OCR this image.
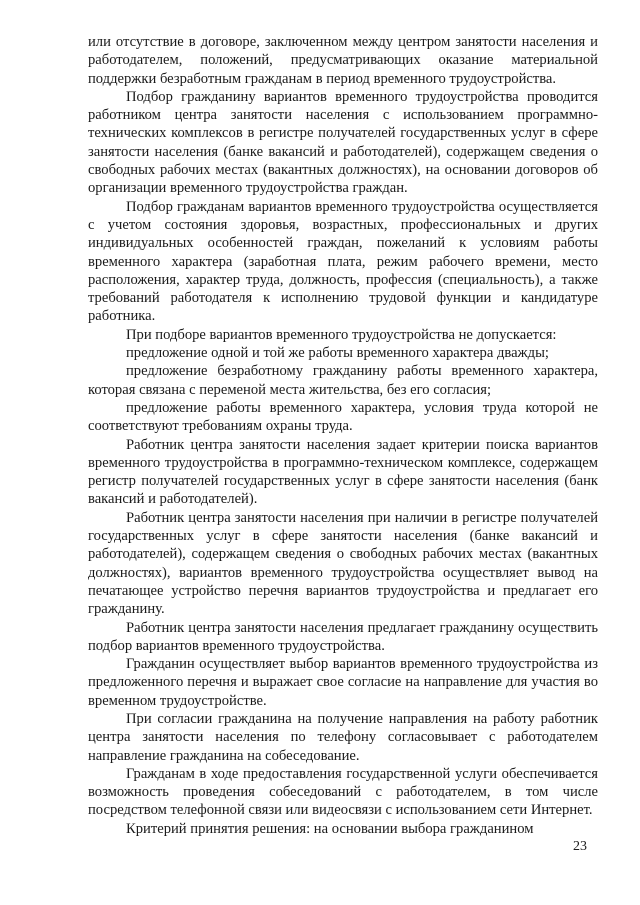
или отсутствие в договоре, заключенном между центром занятости населения и работодателем, положений, предусматривающих оказание материальной поддержки безработным гражданам в период временного трудоустройства.

Подбор гражданину вариантов временного трудоустройства проводится работником центра занятости населения с использованием программно-технических комплексов в регистре получателей государственных услуг в сфере занятости населения (банке вакансий и работодателей), содержащем сведения о свободных рабочих местах (вакантных должностях), на основании договоров об организации временного трудоустройства граждан.

Подбор гражданам вариантов временного трудоустройства осуществляется с учетом состояния здоровья, возрастных, профессиональных и других индивидуальных особенностей граждан, пожеланий к условиям работы временного характера (заработная плата, режим рабочего времени, место расположения, характер труда, должность, профессия (специальность), а также требований работодателя к исполнению трудовой функции и кандидатуре работника.

При подборе вариантов временного трудоустройства не допускается:

предложение одной и той же работы временного характера дважды;

предложение безработному гражданину работы временного характера, которая связана с переменой места жительства, без его согласия;

предложение работы временного характера, условия труда которой не соответствуют требованиям охраны труда.

Работник центра занятости населения задает критерии поиска вариантов временного трудоустройства в программно-техническом комплексе, содержащем регистр получателей государственных услуг в сфере занятости населения (банк вакансий и работодателей).

Работник центра занятости населения при наличии в регистре получателей государственных услуг в сфере занятости населения (банке вакансий и работодателей), содержащем сведения о свободных рабочих местах (вакантных должностях), вариантов временного трудоустройства осуществляет вывод на печатающее устройство перечня вариантов трудоустройства и предлагает его гражданину.

Работник центра занятости населения предлагает гражданину осуществить подбор вариантов временного трудоустройства.

Гражданин осуществляет выбор вариантов временного трудоустройства из предложенного перечня и выражает свое согласие на направление для участия во временном трудоустройстве.

При согласии гражданина на получение направления на работу работник центра занятости населения по телефону согласовывает с работодателем направление гражданина на собеседование.

Гражданам в ходе предоставления государственной услуги обеспечивается возможность проведения собеседований с работодателем, в том числе посредством телефонной связи или видеосвязи с использованием сети Интернет.

Критерий принятия решения: на основании выбора гражданином

23
